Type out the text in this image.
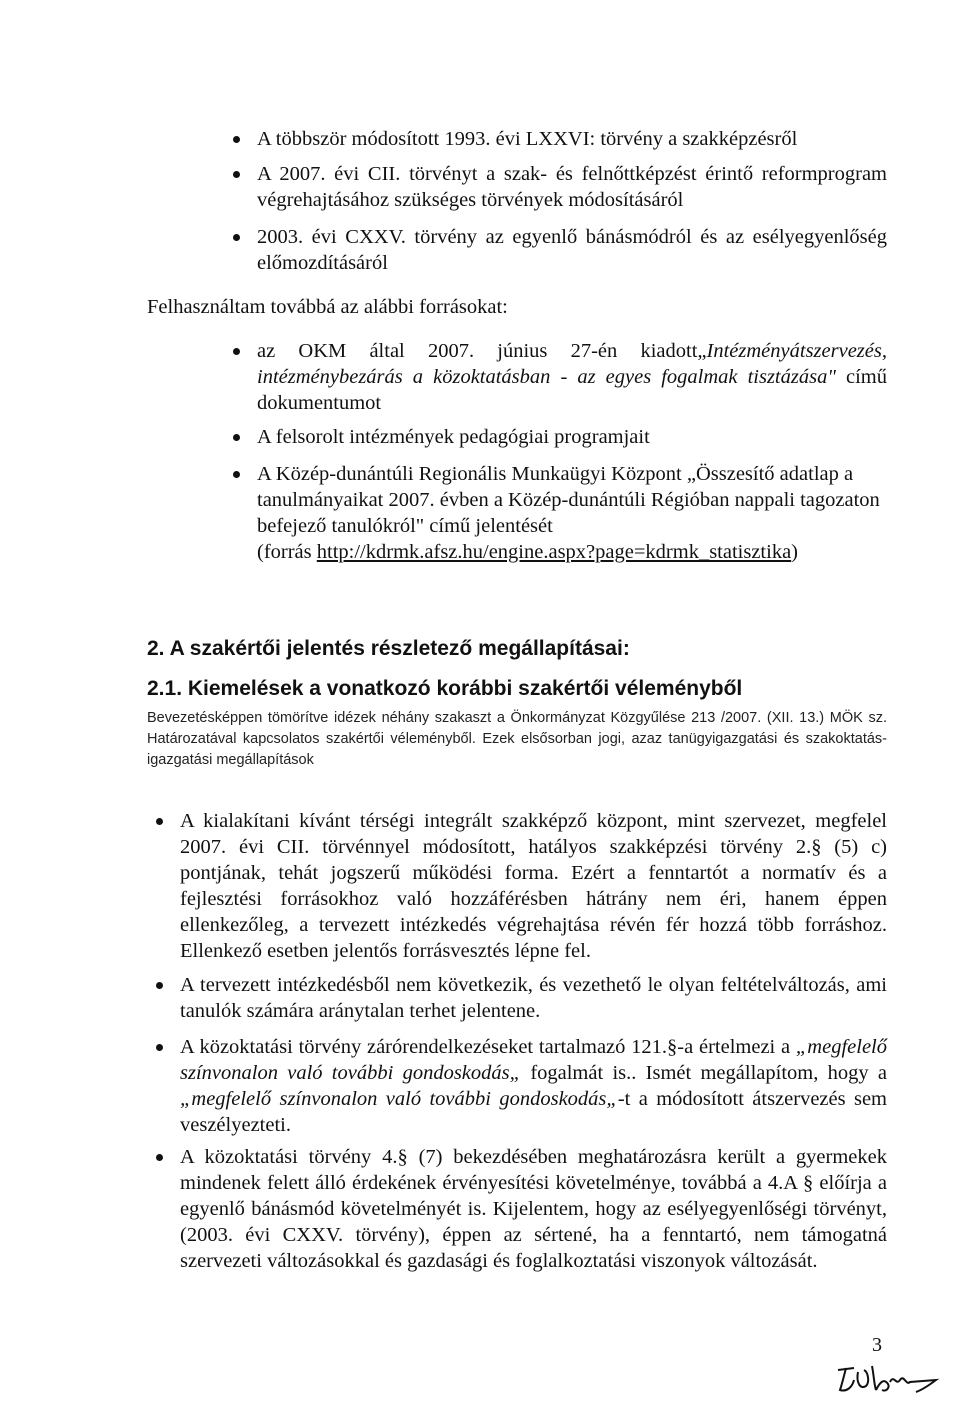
A többször módosított 1993. évi LXXVI: törvény a szakképzésről
A 2007. évi CII. törvényt a szak- és felnőttképzést érintő reformprogram végrehajtásához szükséges törvények módosításáról
2003. évi CXXV. törvény az egyenlő bánásmódról és az esélyegyenlőség előmozdításáról

Felhasználtam továbbá az alábbi forrásokat:

az OKM által 2007. június 27-én kiadott„Intézményátszervezés, intézménybezárás a közoktatásban - az egyes fogalmak tisztázása" című dokumentumot
A felsorolt intézmények pedagógiai programjait
A Közép-dunántúli Regionális Munkaügyi Központ „Összesítő adatlap a tanulmányaikat 2007. évben a Közép-dunántúli Régióban nappali tagozaton befejező tanulókról" című jelentését
(forrás http://kdrmk.afsz.hu/engine.aspx?page=kdrmk_statisztika)
2. A szakértői jelentés részletező megállapításai:
2.1. Kiemelések a vonatkozó korábbi szakértői véleményből

Bevezetésképpen tömörítve idézek néhány szakaszt a Önkormányzat Közgyűlése 213 /2007. (XII. 13.) MÖK sz. Határozatával kapcsolatos szakértői véleményből. Ezek elsősorban jogi, azaz tanügyigazgatási és szakoktatás-igazgatási megállapítások

A kialakítani kívánt térségi integrált szakképző központ, mint szervezet, megfelel 2007. évi CII. törvénnyel módosított, hatályos szakképzési törvény 2.§ (5) c) pontjának, tehát jogszerű működési forma. Ezért a fenntartót a normatív és a fejlesztési forrásokhoz való hozzáférésben hátrány nem éri, hanem éppen ellenkezőleg, a tervezett intézkedés végrehajtása révén fér hozzá több forráshoz. Ellenkező esetben jelentős forrásvesztés lépne fel.
A tervezett intézkedésből nem következik, és vezethető le olyan feltételváltozás, ami tanulók számára aránytalan terhet jelentene.
A közoktatási törvény zárórendelkezéseket tartalmazó 121.§-a értelmezi a „megfelelő színvonalon való további gondoskodás„ fogalmát is.. Ismét megállapítom, hogy a „megfelelő színvonalon való további gondoskodás„-t a módosított átszervezés sem veszélyezteti.
A közoktatási törvény 4.§ (7) bekezdésében meghatározásra került a gyermekek mindenek felett álló érdekének érvényesítési követelménye, továbbá a 4.A § előírja a egyenlő bánásmód követelményét is. Kijelentem, hogy az esélyegyenlőségi törvényt, (2003. évi CXXV. törvény), éppen az sértené, ha a fenntartó, nem támogatná szervezeti változásokkal és gazdasági és foglalkoztatási viszonyok változását.
3
